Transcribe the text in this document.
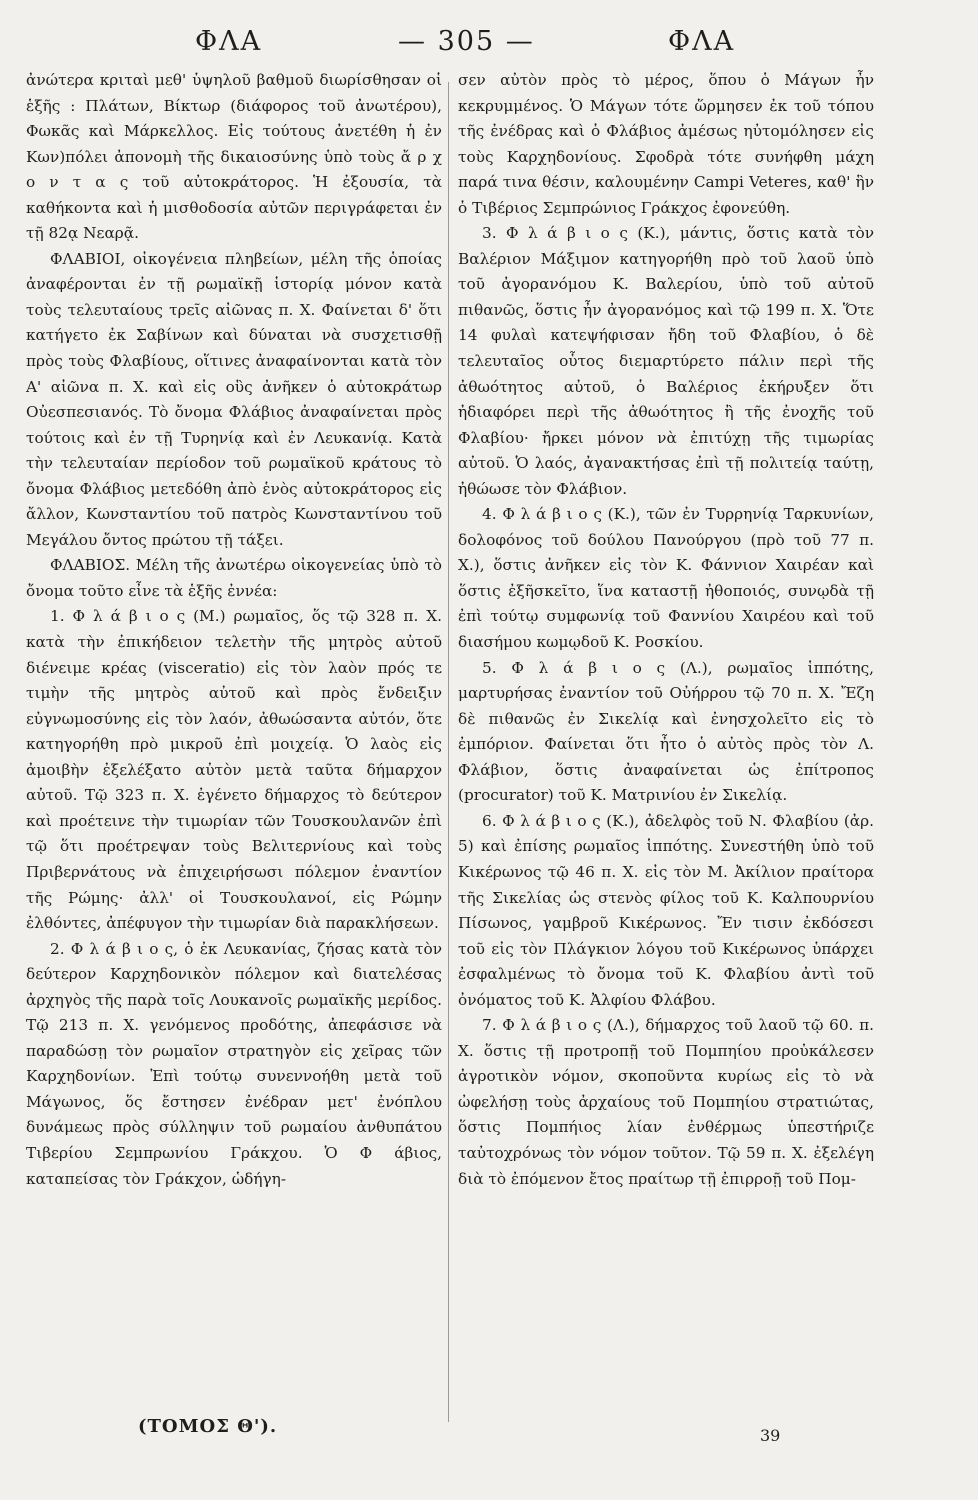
ΦΛΑ	— 305 —	ΦΛΑ

ἀνώτερα κριταὶ μεθ' ὑψηλοῦ βαθμοῦ διωρίσθησαν οἱ ἑξῆς : Πλάτων, Βίκτωρ (διάφορος τοῦ ἀνωτέρου), Φωκᾶς καὶ Μάρκελλος. Εἰς τούτους ἀνετέθη ἡ ἐν Κων)πόλει ἀπονομὴ τῆς δικαιοσύνης ὑπὸ τοὺς ἄ ρ χ ο ν τ α ς τοῦ αὐτοκράτορος. Ἡ ἐξουσία, τὰ καθήκοντα καὶ ἡ μισθοδοσία αὐτῶν περιγράφεται ἐν τῇ 82ᾳ Νεαρᾷ.

ΦΛΑΒΙΟΙ, οἰκογένεια πληβείων, μέλη τῆς ὁποίας ἀναφέρονται ἐν τῇ ρωμαϊκῇ ἱστορίᾳ μόνον κατὰ τοὺς τελευταίους τρεῖς αἰῶνας π. Χ. Φαίνεται δ' ὅτι κατήγετο ἐκ Σαβίνων καὶ δύναται νὰ συσχετισθῇ πρὸς τοὺς Φλαβίους, οἵτινες ἀναφαίνονται κατὰ τὸν Α' αἰῶνα π. Χ. καὶ εἰς οὓς ἀνῆκεν ὁ αὐτοκράτωρ Οὐεσπεσιανός. Τὸ ὄνομα Φλάβιος ἀναφαίνεται πρὸς τούτοις καὶ ἐν τῇ Τυρηνίᾳ καὶ ἐν Λευκανίᾳ. Κατὰ τὴν τελευταίαν περίοδον τοῦ ρωμαϊκοῦ κράτους τὸ ὄνομα Φλάβιος μετεδόθη ἀπὸ ἑνὸς αὐτοκράτορος εἰς ἄλλον, Κωνσταντίου τοῦ πατρὸς Κωνσταντίνου τοῦ Μεγάλου ὄντος πρώτου τῇ τάξει.

ΦΛΑΒΙΟΣ. Μέλη τῆς ἀνωτέρω οἰκογενείας ὑπὸ τὸ ὄνομα τοῦτο εἶνε τὰ ἑξῆς ἐννέα:

1. Φ λ ά β ι ο ς (Μ.) ρωμαῖος, ὅς τῷ 328 π. Χ. κατὰ τὴν ἐπικήδειον τελετὴν τῆς μητρὸς αὐτοῦ διένειμε κρέας (visceratio) εἰς τὸν λαὸν πρός τε τιμὴν τῆς μητρὸς αὐτοῦ καὶ πρὸς ἔνδειξιν εὐγνωμοσύνης εἰς τὸν λαόν, ἀθωώσαντα αὐτόν, ὅτε κατηγορήθη πρὸ μικροῦ ἐπὶ μοιχείᾳ. Ὁ λαὸς εἰς ἀμοιβὴν ἐξελέξατο αὐτὸν μετὰ ταῦτα δήμαρχον αὐτοῦ. Τῷ 323 π. Χ. ἐγένετο δήμαρχος τὸ δεύτερον καὶ προέτεινε τὴν τιμωρίαν τῶν Τουσκουλανῶν ἐπὶ τῷ ὅτι προέτρεψαν τοὺς Βελιτερνίους καὶ τοὺς Πριβερνάτους νὰ ἐπιχειρήσωσι πόλεμον ἐναντίον τῆς Ρώμης· ἀλλ' οἱ Τουσκουλανοί, εἰς Ρώμην ἐλθόντες, ἀπέφυγον τὴν τιμωρίαν διὰ παρακλήσεων.

2. Φ λ ά β ι ο ς, ὁ ἐκ Λευκανίας, ζήσας κατὰ τὸν δεύτερον Καρχηδονικὸν πόλεμον καὶ διατελέσας ἀρχηγὸς τῆς παρὰ τοῖς Λουκανοῖς ρωμαϊκῆς μερίδος. Τῷ 213 π. Χ. γενόμενος προδότης, ἀπεφάσισε νὰ παραδώσῃ τὸν ρωμαῖον στρατηγὸν εἰς χεῖρας τῶν Καρχηδονίων. Ἐπὶ τούτῳ συνεννοήθη μετὰ τοῦ Μάγωνος, ὅς ἔστησεν ἐνέδραν μετ' ἐνόπλου δυνάμεως πρὸς σύλληψιν τοῦ ρωμαίου ἀνθυπάτου Τιβερίου Σεμπρωνίου Γράκχου. Ὁ Φ άβιος, καταπείσας τὸν Γράκχον, ὡδήγη-

σεν αὐτὸν πρὸς τὸ μέρος, ὅπου ὁ Μάγων ἦν κεκρυμμένος. Ὁ Μάγων τότε ὥρμησεν ἐκ τοῦ τόπου τῆς ἐνέδρας καὶ ὁ Φλάβιος ἀμέσως ηὐτομόλησεν εἰς τοὺς Καρχηδονίους. Σφοδρὰ τότε συνήφθη μάχη παρά τινα θέσιν, καλουμένην Campi Veteres, καθ' ἣν ὁ Τιβέριος Σεμπρώνιος Γράκχος ἐφονεύθη.

3. Φ λ ά β ι ο ς (Κ.), μάντις, ὅστις κατὰ τὸν Βαλέριον Μάξιμον κατηγορήθη πρὸ τοῦ λαοῦ ὑπὸ τοῦ ἀγορανόμου Κ. Βαλερίου, ὑπὸ τοῦ αὐτοῦ πιθανῶς, ὅστις ἦν ἀγορανόμος καὶ τῷ 199 π. Χ. Ὅτε 14 φυλαὶ κατεψήφισαν ἤδη τοῦ Φλαβίου, ὁ δὲ τελευταῖος οὗτος διεμαρτύρετο πάλιν περὶ τῆς ἀθωότητος αὐτοῦ, ὁ Βαλέριος ἐκήρυξεν ὅτι ἠδιαφόρει περὶ τῆς ἀθωότητος ἢ τῆς ἐνοχῆς τοῦ Φλαβίου· ἤρκει μόνον νὰ ἐπιτύχῃ τῆς τιμωρίας αὐτοῦ. Ὁ λαός, ἀγανακτήσας ἐπὶ τῇ πολιτείᾳ ταύτῃ, ἠθώωσε τὸν Φλάβιον.

4. Φ λ ά β ι ο ς (Κ.), τῶν ἐν Τυρρηνίᾳ Ταρκυνίων, δολοφόνος τοῦ δούλου Πανούργου (πρὸ τοῦ 77 π. Χ.), ὅστις ἀνῆκεν εἰς τὸν Κ. Φάννιον Χαιρέαν καὶ ὅστις ἐξῆσκεῖτο, ἵνα καταστῇ ἠθοποιός, συνῳδὰ τῇ ἐπὶ τούτῳ συμφωνίᾳ τοῦ Φαννίου Χαιρέου καὶ τοῦ διασήμου κωμῳδοῦ Κ. Ροσκίου.

5. Φ λ ά β ι ο ς (Λ.), ρωμαῖος ἱππότης, μαρτυρήσας ἐναντίον τοῦ Οὐήρρου τῷ 70 π. Χ. Ἔζη δὲ πιθανῶς ἐν Σικελίᾳ καὶ ἐνησχολεῖτο εἰς τὸ ἐμπόριον. Φαίνεται ὅτι ἦτο ὁ αὐτὸς πρὸς τὸν Λ. Φλάβιον, ὅστις ἀναφαίνεται ὡς ἐπίτροπος (procurator) τοῦ Κ. Ματρινίου ἐν Σικελίᾳ.

6. Φ λ ά β ι ο ς (Κ.), ἀδελφὸς τοῦ Ν. Φλαβίου (ἀρ. 5) καὶ ἐπίσης ρωμαῖος ἱππότης. Συνεστήθη ὑπὸ τοῦ Κικέρωνος τῷ 46 π. Χ. εἰς τὸν Μ. Ἀκίλιον πραίτορα τῆς Σικελίας ὡς στενὸς φίλος τοῦ Κ. Καλπουρνίου Πίσωνος, γαμβροῦ Κικέρωνος. Ἔν τισιν ἐκδόσεσι τοῦ εἰς τὸν Πλάγκιον λόγου τοῦ Κικέρωνος ὑπάρχει ἐσφαλμένως τὸ ὄνομα τοῦ Κ. Φλαβίου ἀντὶ τοῦ ὀνόματος τοῦ Κ. Ἀλφίου Φλάβου.

7. Φ λ ά β ι ο ς (Λ.), δήμαρχος τοῦ λαοῦ τῷ 60. π. Χ. ὅστις τῇ προτροπῇ τοῦ Πομπηίου προὐκάλεσεν ἀγροτικὸν νόμον, σκοποῦντα κυρίως εἰς τὸ νὰ ὠφελήσῃ τοὺς ἀρχαίους τοῦ Πομπηίου στρατιώτας, ὅστις Πομπήιος λίαν ἐνθέρμως ὑπεστήριζε ταὐτοχρόνως τὸν νόμον τοῦτον. Τῷ 59 π. Χ. ἐξελέγη διὰ τὸ ἐπόμενον ἔτος πραίτωρ τῇ ἐπιρροῇ τοῦ Πομ-

(ΤΟΜΟΣ Θ').	39
